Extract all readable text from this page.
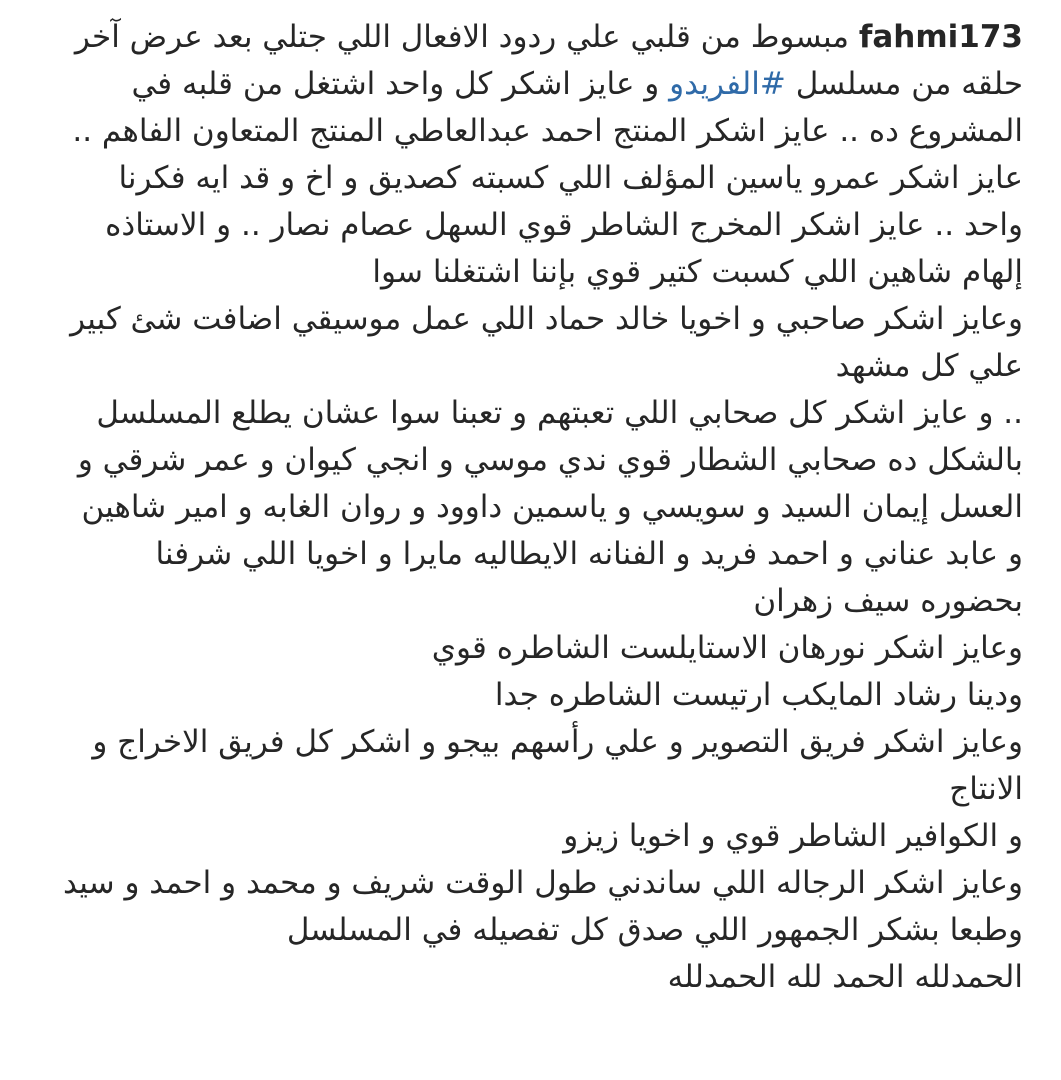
fahmi173 مبسوط من قلبي علي ردود الافعال اللي جتلي بعد عرض آخر
حلقه من مسلسل #الفريدو و عايز اشكر كل واحد اشتغل من قلبه في
المشروع ده .. عايز اشكر المنتج احمد عبدالعاطي المنتج المتعاون الفاهم ..
عايز اشكر عمرو ياسين المؤلف اللي كسبته كصديق و اخ و قد ايه فكرنا
واحد .. عايز اشكر المخرج الشاطر قوي السهل عصام نصار .. و الاستاذه
إلهام شاهين اللي كسبت كتير قوي بإننا اشتغلنا سوا
وعايز اشكر صاحبي و اخويا خالد حماد اللي عمل موسيقي اضافت شئ كبير
علي كل مشهد
.. و عايز اشكر كل صحابي اللي تعبتهم و تعبنا سوا عشان يطلع المسلسل
بالشكل ده صحابي الشطار قوي ندي موسي و انجي كيوان و عمر شرقي و
العسل إيمان السيد و سويسي و ياسمين داوود و روان الغابه و امير شاهين
و عابد عناني و احمد فريد و الفنانه الايطاليه مايرا و اخويا اللي شرفنا
بحضوره سيف زهران
وعايز اشكر نورهان الاستايلست الشاطره قوي
ودينا رشاد المايكب ارتيست الشاطره جدا
وعايز اشكر فريق التصوير و علي رأسهم بيجو و اشكر كل فريق الاخراج و
الانتاج
و الكوافير الشاطر قوي و اخويا زيزو
وعايز اشكر الرجاله اللي ساندني طول الوقت شريف و محمد و احمد و سيد
وطبعا بشكر الجمهور اللي صدق كل تفصيله في المسلسل
الحمدلله الحمد لله الحمدلله
